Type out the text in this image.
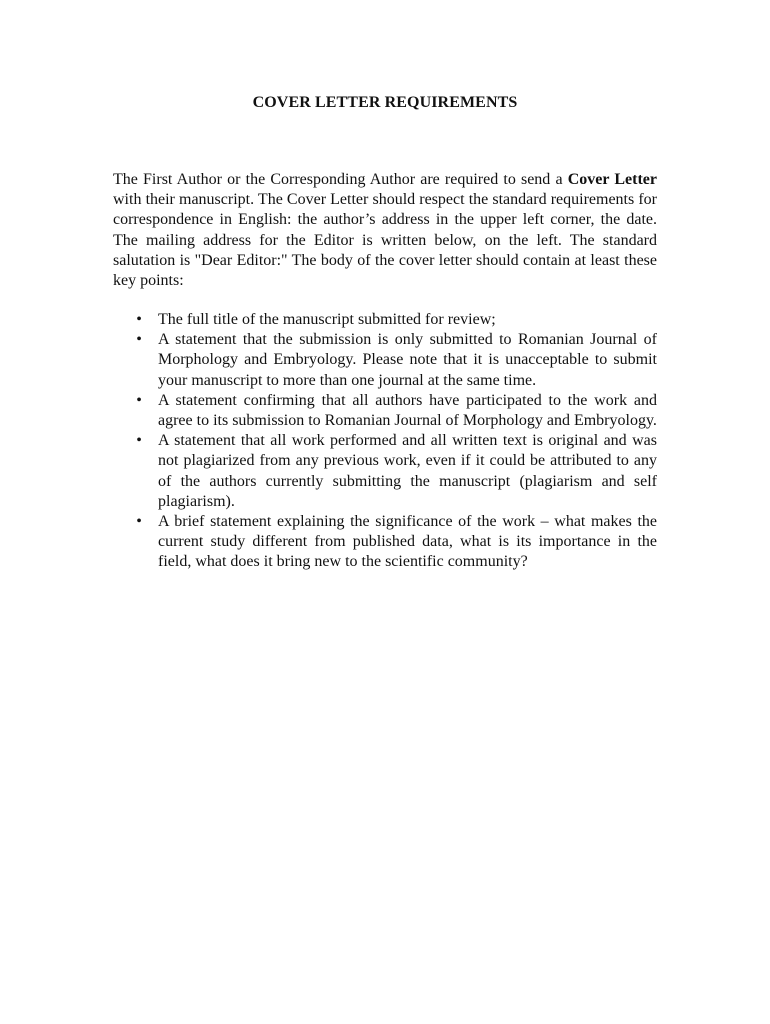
COVER LETTER REQUIREMENTS

The First Author or the Corresponding Author are required to send a Cover Letter with their manuscript. The Cover Letter should respect the standard requirements for correspondence in English: the author’s address in the upper left corner, the date. The mailing address for the Editor is written below, on the left. The standard salutation is "Dear Editor:" The body of the cover letter should contain at least these key points:

• The full title of the manuscript submitted for review;
• A statement that the submission is only submitted to Romanian Journal of Morphology and Embryology. Please note that it is unacceptable to submit your manuscript to more than one journal at the same time.
• A statement confirming that all authors have participated to the work and agree to its submission to Romanian Journal of Morphology and Embryology.
• A statement that all work performed and all written text is original and was not plagiarized from any previous work, even if it could be attributed to any of the authors currently submitting the manuscript (plagiarism and self plagiarism).
• A brief statement explaining the significance of the work – what makes the current study different from published data, what is its importance in the field, what does it bring new to the scientific community?
